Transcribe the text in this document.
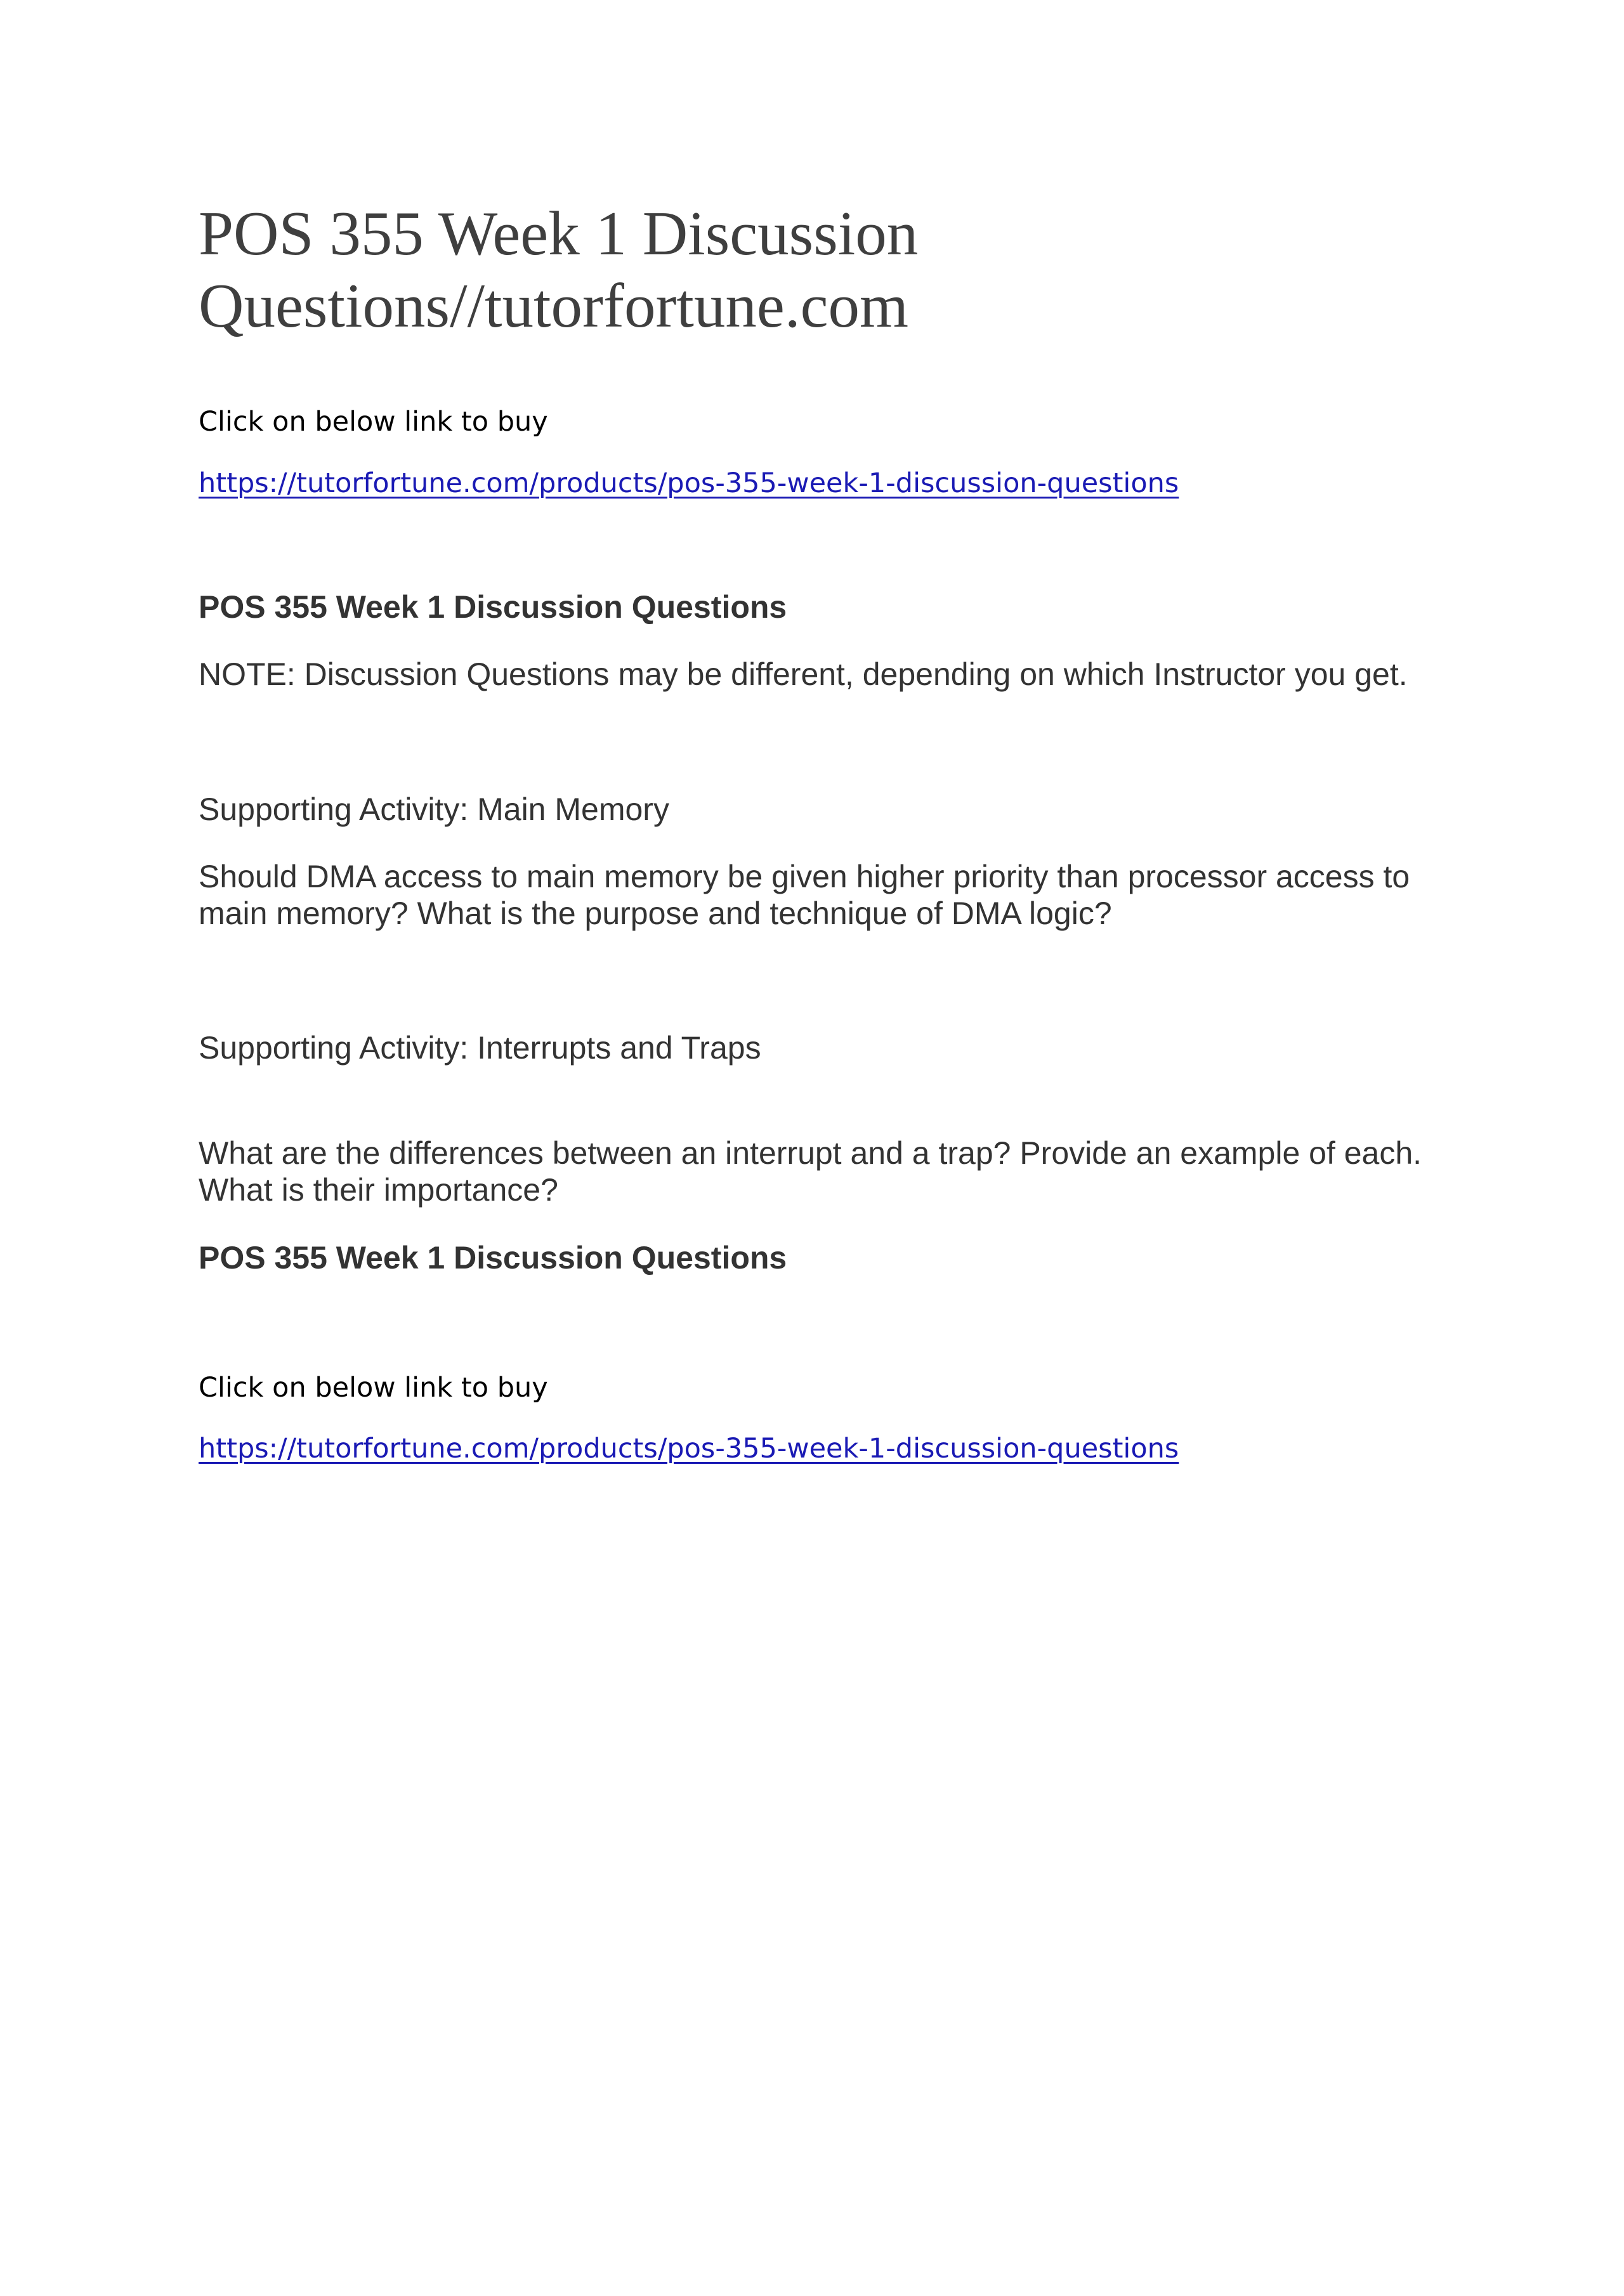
POS 355 Week 1 Discussion
Questions//tutorfortune.com

Click on below link to buy

https://tutorfortune.com/products/pos-355-week-1-discussion-questions

POS 355 Week 1 Discussion Questions

NOTE: Discussion Questions may be different, depending on which Instructor you get.

Supporting Activity: Main Memory

Should DMA access to main memory be given higher priority than processor access to
main memory? What is the purpose and technique of DMA logic?

Supporting Activity: Interrupts and Traps

What are the differences between an interrupt and a trap? Provide an example of each.
What is their importance?

POS 355 Week 1 Discussion Questions

Click on below link to buy

https://tutorfortune.com/products/pos-355-week-1-discussion-questions
